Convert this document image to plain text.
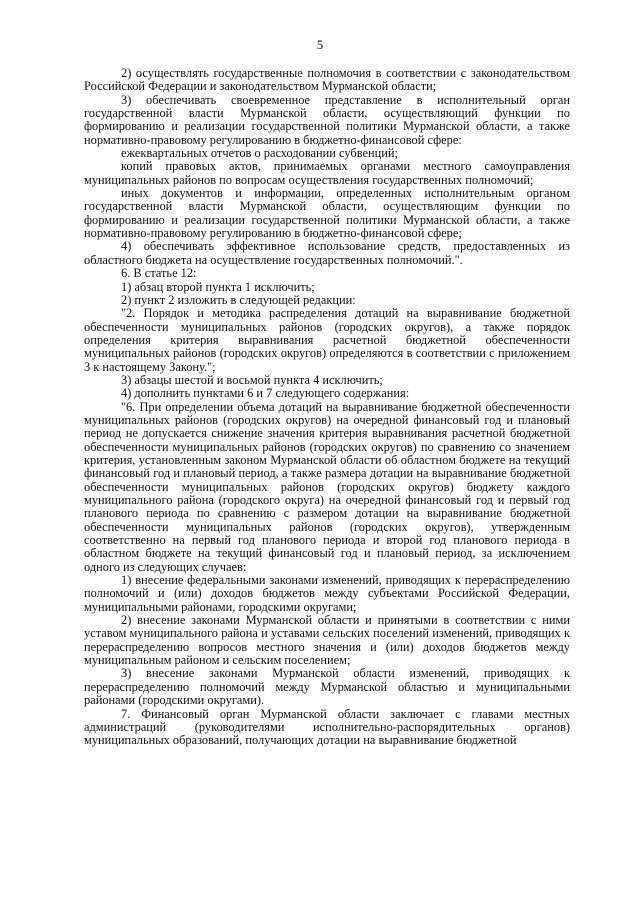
5

2) осуществлять государственные полномочия в соответствии с законодательством Российской Федерации и законодательством Мурманской области;

3) обеспечивать своевременное представление в исполнительный орган государственной власти Мурманской области, осуществляющий функции по формированию и реализации государственной политики Мурманской области, а также нормативно-правовому регулированию в бюджетно-финансовой сфере:

ежеквартальных отчетов о расходовании субвенций;

копий правовых актов, принимаемых органами местного самоуправления муниципальных районов по вопросам осуществления государственных полномочий;

иных документов и информации, определенных исполнительным органом государственной власти Мурманской области, осуществляющим функции по формированию и реализации государственной политики Мурманской области, а также нормативно-правовому регулированию в бюджетно-финансовой сфере;

4) обеспечивать эффективное использование средств, предоставленных из областного бюджета на осуществление государственных полномочий.".

6. В статье 12:

1) абзац второй пункта 1 исключить;

2) пункт 2 изложить в следующей редакции:

"2. Порядок и методика распределения дотаций на выравнивание бюджетной обеспеченности муниципальных районов (городских округов), а также порядок определения критерия выравнивания расчетной бюджетной обеспеченности муниципальных районов (городских округов) определяются в соответствии с приложением 3 к настоящему Закону.";

3) абзацы шестой и восьмой пункта 4 исключить;

4) дополнить пунктами 6 и 7 следующего содержания:

"6. При определении объема дотаций на выравнивание бюджетной обеспеченности муниципальных районов (городских округов) на очередной финансовый год и плановый период не допускается снижение значения критерия выравнивания расчетной бюджетной обеспеченности муниципальных районов (городских округов) по сравнению со значением критерия, установленным законом Мурманской области об областном бюджете на текущий финансовый год и плановый период, а также размера дотации на выравнивание бюджетной обеспеченности муниципальных районов (городских округов) бюджету каждого муниципального района (городского округа) на очередной финансовый год и первый год планового периода по сравнению с размером дотации на выравнивание бюджетной обеспеченности муниципальных районов (городских округов), утвержденным соответственно на первый год планового периода и второй год планового периода в областном бюджете на текущий финансовый год и плановый период, за исключением одного из следующих случаев:

1) внесение федеральными законами изменений, приводящих к перераспределению полномочий и (или) доходов бюджетов между субъектами Российской Федерации, муниципальными районами, городскими округами;

2) внесение законами Мурманской области и принятыми в соответствии с ними уставом муниципального района и уставами сельских поселений изменений, приводящих к перераспределению вопросов местного значения и (или) доходов бюджетов между муниципальным районом и сельским поселением;

3) внесение законами Мурманской области изменений, приводящих к перераспределению полномочий между Мурманской областью и муниципальными районами (городскими округами).

7. Финансовый орган Мурманской области заключает с главами местных администраций (руководителями исполнительно-распорядительных органов) муниципальных образований, получающих дотации на выравнивание бюджетной
